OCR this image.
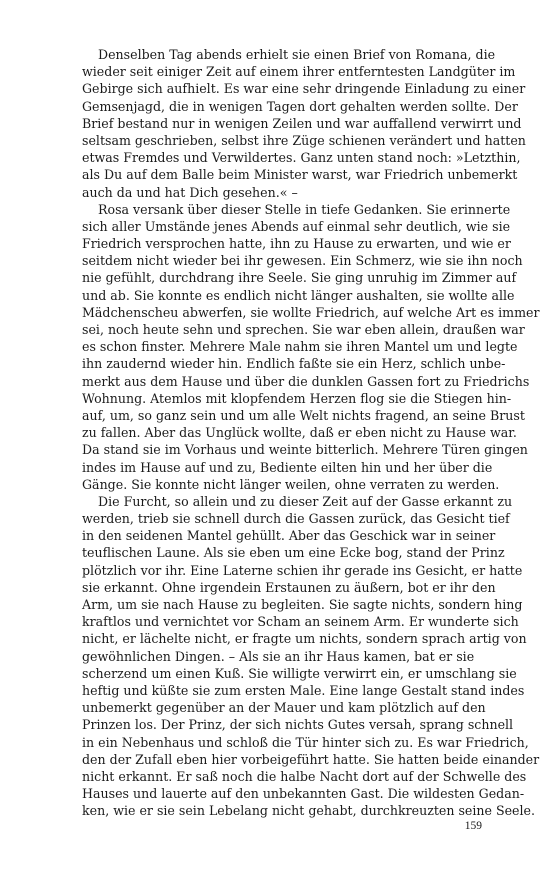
Denselben Tag abends erhielt sie einen Brief von Romana, die
wieder seit einiger Zeit auf einem ihrer entferntesten Landgüter im
Gebirge sich aufhielt. Es war eine sehr dringende Einladung zu einer
Gemsenjagd, die in wenigen Tagen dort gehalten werden sollte. Der
Brief bestand nur in wenigen Zeilen und war auffallend verwirrt und
seltsam geschrieben, selbst ihre Züge schienen verändert und hatten
etwas Fremdes und Verwildertes. Ganz unten stand noch: »Letzthin,
als Du auf dem Balle beim Minister warst, war Friedrich unbemerkt
auch da und hat Dich gesehen.« –
Rosa versank über dieser Stelle in tiefe Gedanken. Sie erinnerte
sich aller Umstände jenes Abends auf einmal sehr deutlich, wie sie
Friedrich versprochen hatte, ihn zu Hause zu erwarten, und wie er
seitdem nicht wieder bei ihr gewesen. Ein Schmerz, wie sie ihn noch
nie gefühlt, durchdrang ihre Seele. Sie ging unruhig im Zimmer auf
und ab. Sie konnte es endlich nicht länger aushalten, sie wollte alle
Mädchenscheu abwerfen, sie wollte Friedrich, auf welche Art es immer
sei, noch heute sehn und sprechen. Sie war eben allein, draußen war
es schon finster. Mehrere Male nahm sie ihren Mantel um und legte
ihn zaudernd wieder hin. Endlich faßte sie ein Herz, schlich unbe-
merkt aus dem Hause und über die dunklen Gassen fort zu Friedrichs
Wohnung. Atemlos mit klopfendem Herzen flog sie die Stiegen hin-
auf, um, so ganz sein und um alle Welt nichts fragend, an seine Brust
zu fallen. Aber das Unglück wollte, daß er eben nicht zu Hause war.
Da stand sie im Vorhaus und weinte bitterlich. Mehrere Türen gingen
indes im Hause auf und zu, Bediente eilten hin und her über die
Gänge. Sie konnte nicht länger weilen, ohne verraten zu werden.
Die Furcht, so allein und zu dieser Zeit auf der Gasse erkannt zu
werden, trieb sie schnell durch die Gassen zurück, das Gesicht tief
in den seidenen Mantel gehüllt. Aber das Geschick war in seiner
teuflischen Laune. Als sie eben um eine Ecke bog, stand der Prinz
plötzlich vor ihr. Eine Laterne schien ihr gerade ins Gesicht, er hatte
sie erkannt. Ohne irgendein Erstaunen zu äußern, bot er ihr den
Arm, um sie nach Hause zu begleiten. Sie sagte nichts, sondern hing
kraftlos und vernichtet vor Scham an seinem Arm. Er wunderte sich
nicht, er lächelte nicht, er fragte um nichts, sondern sprach artig von
gewöhnlichen Dingen. – Als sie an ihr Haus kamen, bat er sie
scherzend um einen Kuß. Sie willigte verwirrt ein, er umschlang sie
heftig und küßte sie zum ersten Male. Eine lange Gestalt stand indes
unbemerkt gegenüber an der Mauer und kam plötzlich auf den
Prinzen los. Der Prinz, der sich nichts Gutes versah, sprang schnell
in ein Nebenhaus und schloß die Tür hinter sich zu. Es war Friedrich,
den der Zufall eben hier vorbeigeführt hatte. Sie hatten beide einander
nicht erkannt. Er saß noch die halbe Nacht dort auf der Schwelle des
Hauses und lauerte auf den unbekannten Gast. Die wildesten Gedan-
ken, wie er sie sein Lebelang nicht gehabt, durchkreuzten seine Seele.
159
